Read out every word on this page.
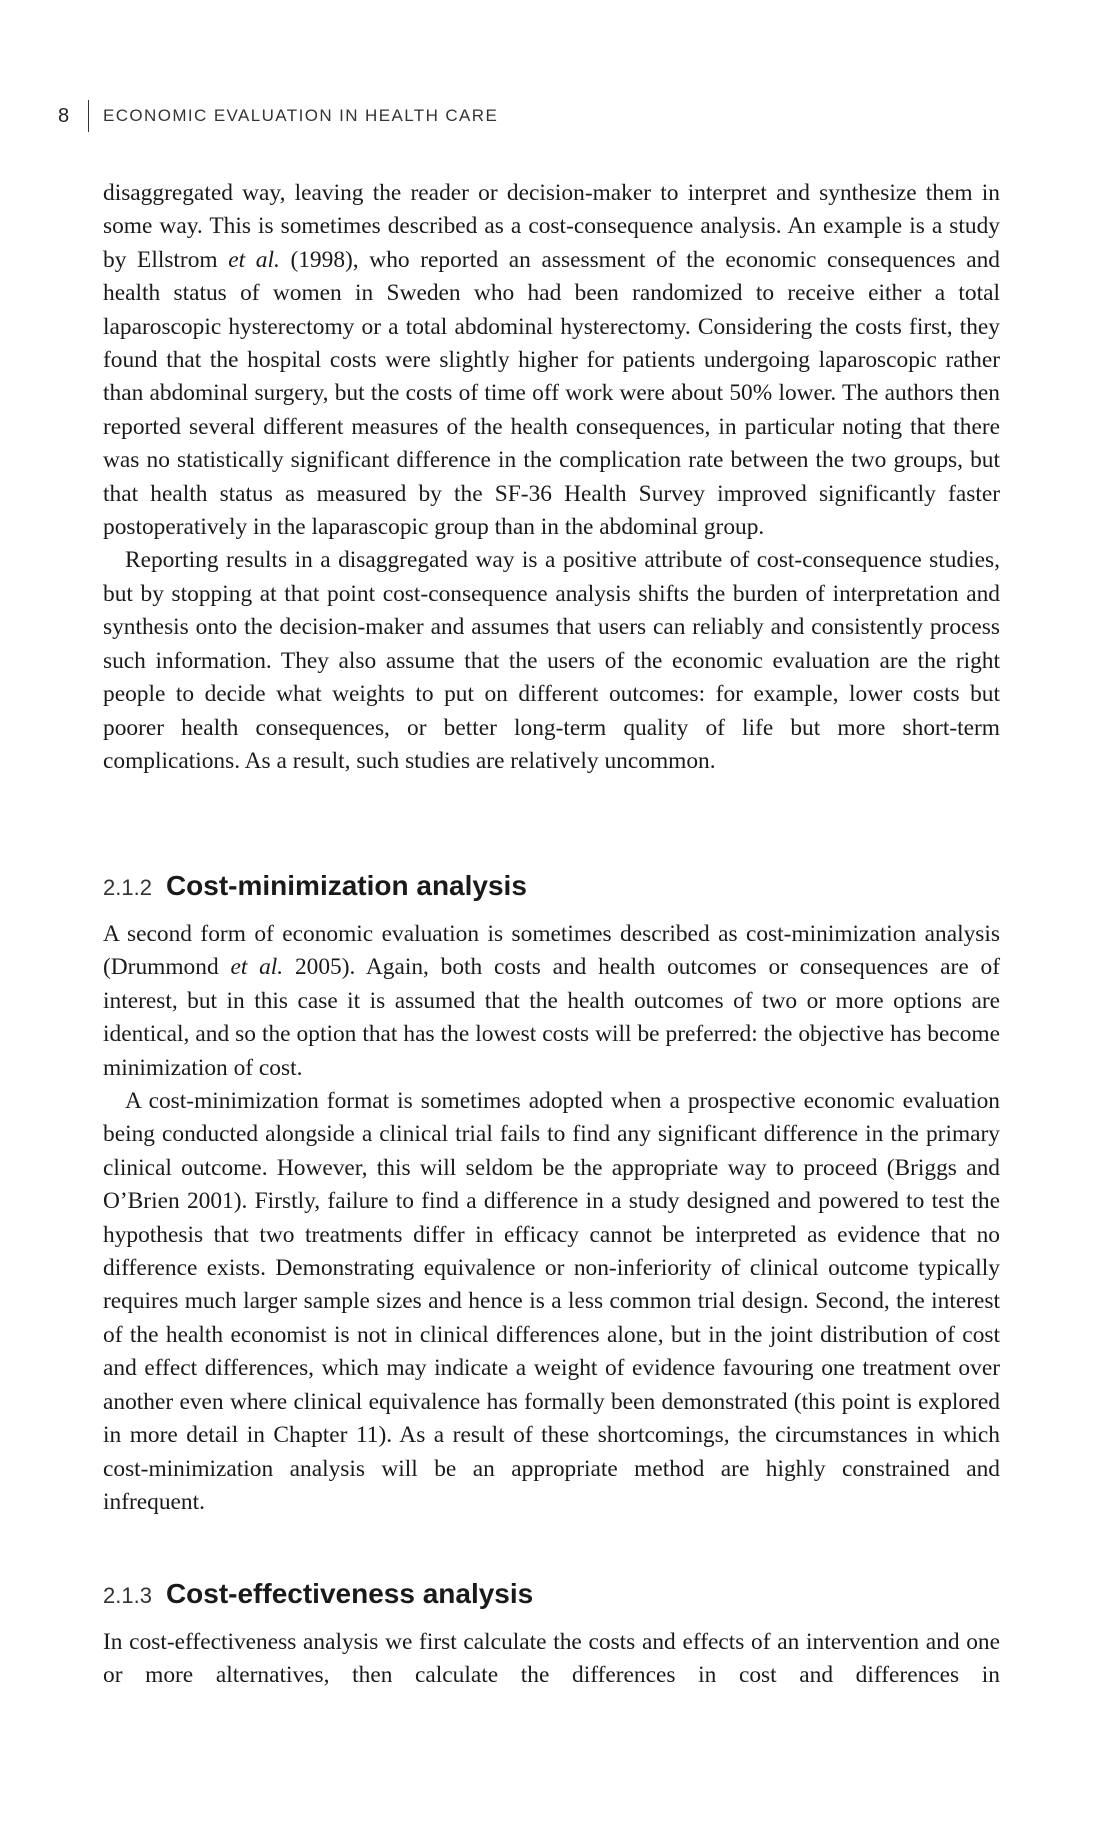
8	ECONOMIC EVALUATION IN HEALTH CARE

disaggregated way, leaving the reader or decision-maker to interpret and synthesize them in some way. This is sometimes described as a cost-consequence analysis. An example is a study by Ellstrom et al. (1998), who reported an assessment of the economic consequences and health status of women in Sweden who had been randomized to receive either a total laparoscopic hysterectomy or a total abdominal hysterectomy. Considering the costs first, they found that the hospital costs were slightly higher for patients undergoing laparoscopic rather than abdominal surgery, but the costs of time off work were about 50% lower. The authors then reported several different measures of the health consequences, in particular noting that there was no statistically significant difference in the complication rate between the two groups, but that health status as measured by the SF-36 Health Survey improved significantly faster postoperatively in the laparascopic group than in the abdominal group.

Reporting results in a disaggregated way is a positive attribute of cost-consequence studies, but by stopping at that point cost-consequence analysis shifts the burden of interpretation and synthesis onto the decision-maker and assumes that users can reliably and consistently process such information. They also assume that the users of the economic evaluation are the right people to decide what weights to put on different outcomes: for example, lower costs but poorer health consequences, or better long-term quality of life but more short-term complications. As a result, such studies are relatively uncommon.

2.1.2 Cost-minimization analysis

A second form of economic evaluation is sometimes described as cost-minimization analysis (Drummond et al. 2005). Again, both costs and health outcomes or consequences are of interest, but in this case it is assumed that the health outcomes of two or more options are identical, and so the option that has the lowest costs will be preferred: the objective has become minimization of cost.

A cost-minimization format is sometimes adopted when a prospective economic evaluation being conducted alongside a clinical trial fails to find any significant difference in the primary clinical outcome. However, this will seldom be the appropriate way to proceed (Briggs and O’Brien 2001). Firstly, failure to find a difference in a study designed and powered to test the hypothesis that two treatments differ in efficacy cannot be interpreted as evidence that no difference exists. Demonstrating equivalence or non-inferiority of clinical outcome typically requires much larger sample sizes and hence is a less common trial design. Second, the interest of the health economist is not in clinical differences alone, but in the joint distribution of cost and effect differences, which may indicate a weight of evidence favouring one treatment over another even where clinical equivalence has formally been demonstrated (this point is explored in more detail in Chapter 11). As a result of these shortcomings, the circumstances in which cost-minimization analysis will be an appropriate method are highly constrained and infrequent.

2.1.3 Cost-effectiveness analysis

In cost-effectiveness analysis we first calculate the costs and effects of an intervention and one or more alternatives, then calculate the differences in cost and differences in
